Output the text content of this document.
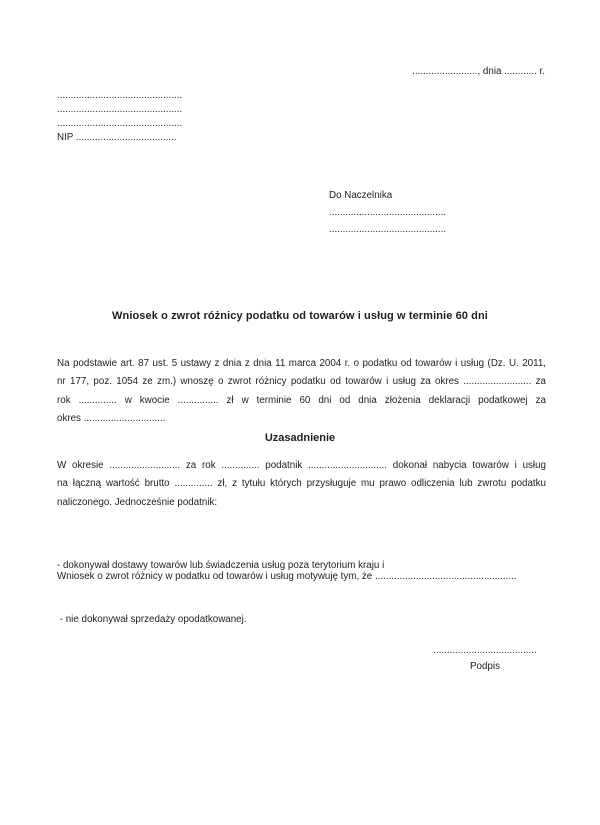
........................, dnia ............ r.
..............................................
..............................................
..............................................
NIP .....................................
Do Naczelnika
...........................................
...........................................
Wniosek o zwrot różnicy podatku od towarów i usług w terminie 60 dni
Na podstawie art. 87 ust. 5 ustawy z dnia z dnia 11 marca 2004 r. o podatku od towarów i usług (Dz. U. 2011,
nr 177, poz. 1054 ze zm.) wnoszę o zwrot różnicy podatku od towarów i usług za okres ......................... za
rok .............. w kwocie ............... zł w terminie 60 dni od dnia złożenia deklaracji podatkowej za
okres ..............................
Uzasadnienie
W okresie .......................... za rok .............. podatnik ............................. dokonał nabycia towarów i usług
na łączną wartość brutto .............. zł, z tytułu których przysługuje mu prawo odliczenia lub zwrotu podatku
naliczonego. Jednocześnie podatnik:

- dokonywał dostawy towarów lub świadczenia usług poza terytorium kraju i

- nie dokonywał sprzedaży opodatkowanej.

Wniosek o zwrot różnicy w podatku od towarów i usług motywuję tym, że ....................................................
......................................
Podpis
